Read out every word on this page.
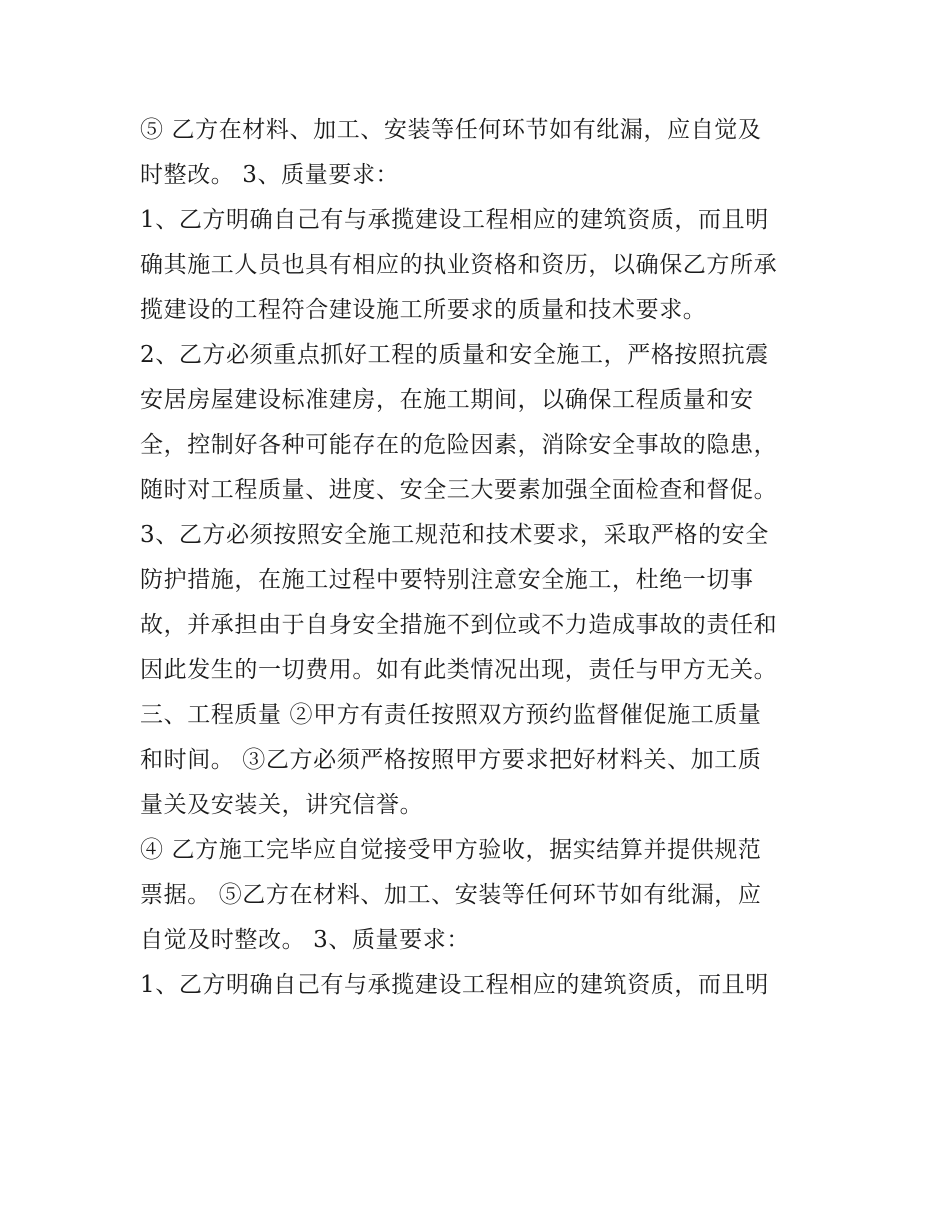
⑤ 乙方在材料、加工、安装等任何环节如有纰漏，应自觉及
时整改。 3、质量要求：

1、乙方明确自己有与承揽建设工程相应的建筑资质，而且明
确其施工人员也具有相应的执业资格和资历，以确保乙方所承
揽建设的工程符合建设施工所要求的质量和技术要求。

2、乙方必须重点抓好工程的质量和安全施工，严格按照抗震
安居房屋建设标准建房，在施工期间，以确保工程质量和安
全，控制好各种可能存在的危险因素，消除安全事故的隐患，
随时对工程质量、进度、安全三大要素加强全面检查和督促。

3、乙方必须按照安全施工规范和技术要求，采取严格的安全
防护措施，在施工过程中要特别注意安全施工，杜绝一切事
故，并承担由于自身安全措施不到位或不力造成事故的责任和
因此发生的一切费用。如有此类情况出现，责任与甲方无关。

三、工程质量 ②甲方有责任按照双方预约监督催促施工质量
和时间。 ③乙方必须严格按照甲方要求把好材料关、加工质
量关及安装关，讲究信誉。

④ 乙方施工完毕应自觉接受甲方验收，据实结算并提供规范
票据。 ⑤乙方在材料、加工、安装等任何环节如有纰漏，应
自觉及时整改。 3、质量要求：

1、乙方明确自己有与承揽建设工程相应的建筑资质，而且明
